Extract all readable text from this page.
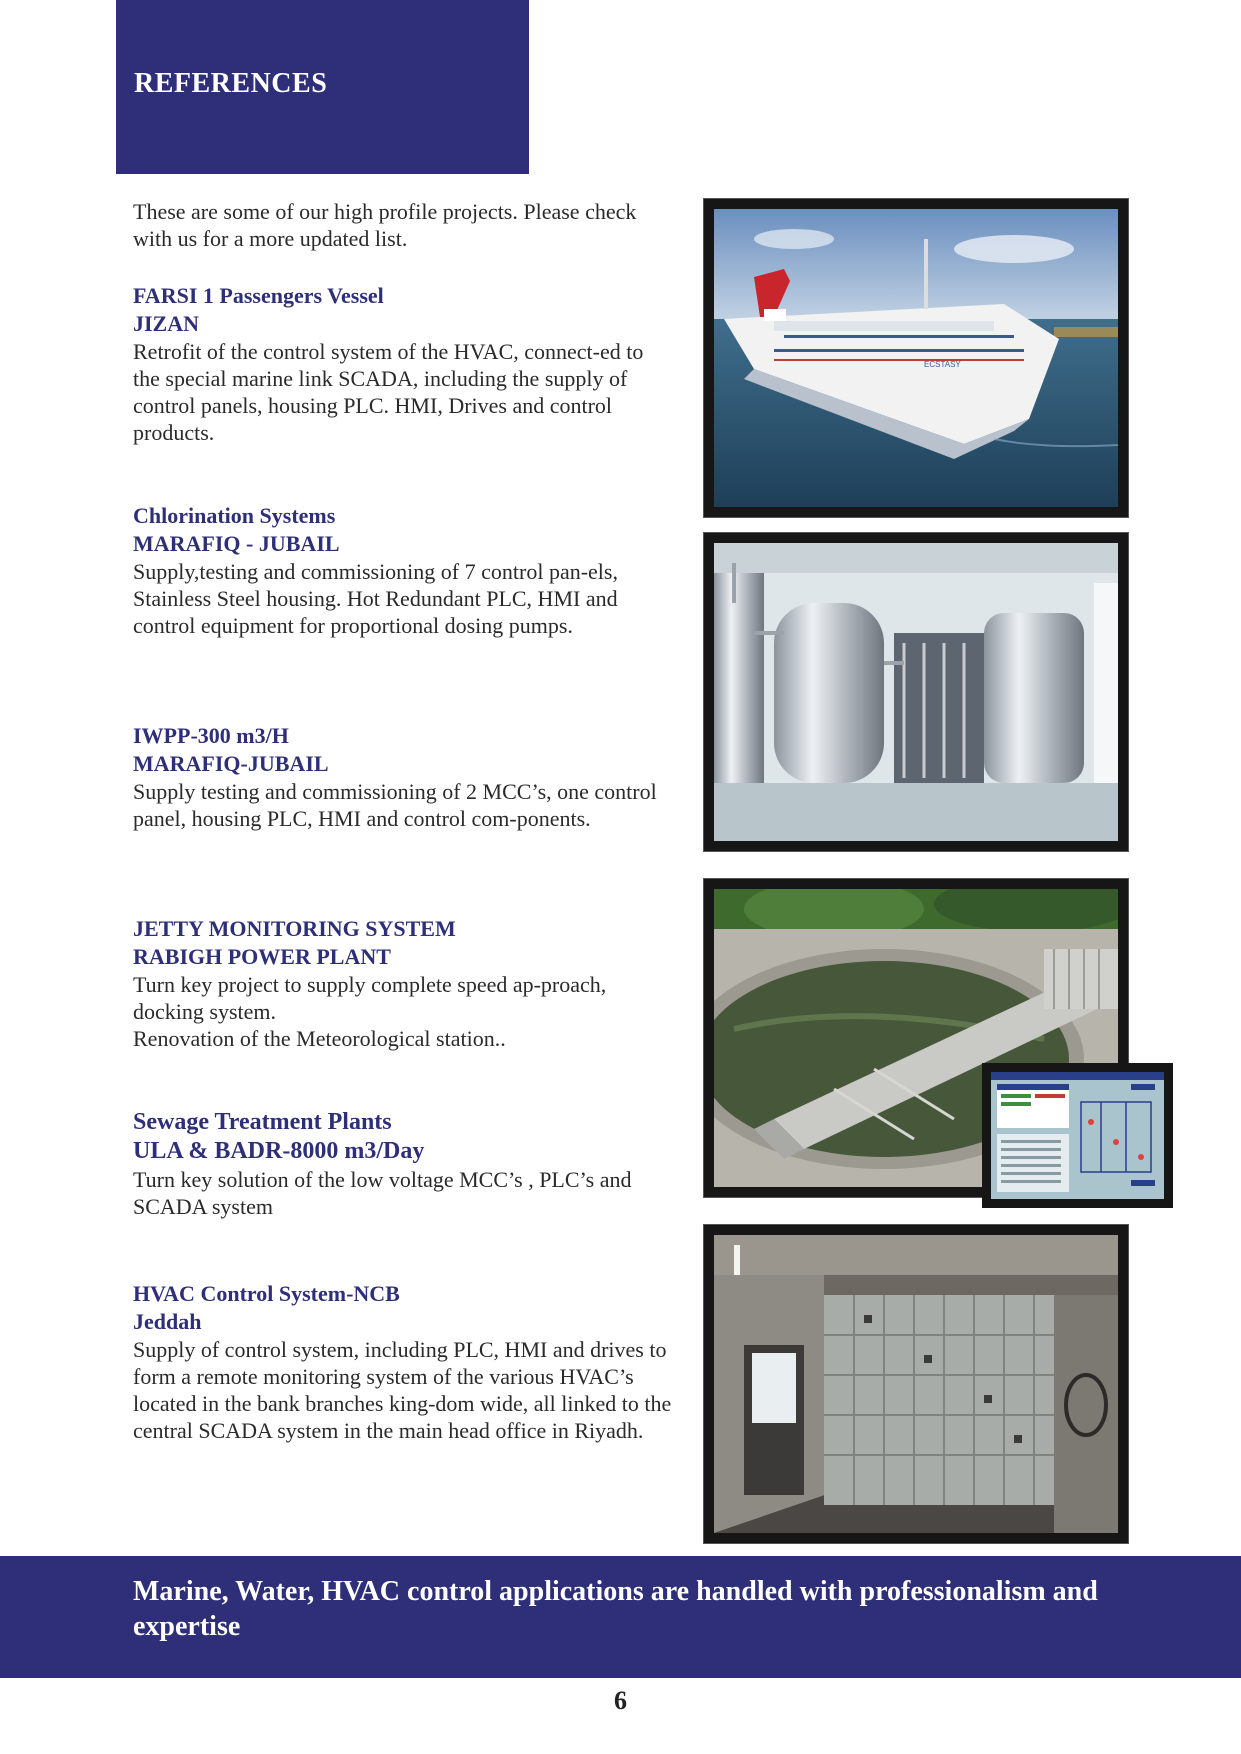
REFERENCES

These are some of our high profile projects. Please check with us for a more updated list.

FARSI 1 Passengers Vessel
JIZAN

Retrofit of the control system of the HVAC, connect-ed to the special marine link SCADA, including the supply of control panels, housing PLC. HMI, Drives and control products.

Chlorination Systems
MARAFIQ - JUBAIL

Supply,testing and commissioning of 7 control pan-els, Stainless Steel housing. Hot Redundant PLC, HMI and control equipment for proportional dosing pumps.

IWPP-300 m3/H
MARAFIQ-JUBAIL

Supply testing and commissioning of 2 MCC’s, one control panel, housing PLC, HMI and control com-ponents.

JETTY MONITORING SYSTEM
RABIGH POWER PLANT

Turn key project to supply complete speed ap-proach, docking system.

Renovation of the Meteorological station..

Sewage Treatment Plants
ULA & BADR-8000 m3/Day

Turn key solution of the low voltage MCC’s , PLC’s and SCADA system

HVAC Control System-NCB
Jeddah

Supply of control system, including PLC, HMI and drives to form a remote monitoring system of the various HVAC’s located in the bank branches king-dom wide, all linked to the central SCADA system in the main head office in Riyadh.

ECSTASY

Marine, Water, HVAC control applications are handled with professionalism and expertise

6
